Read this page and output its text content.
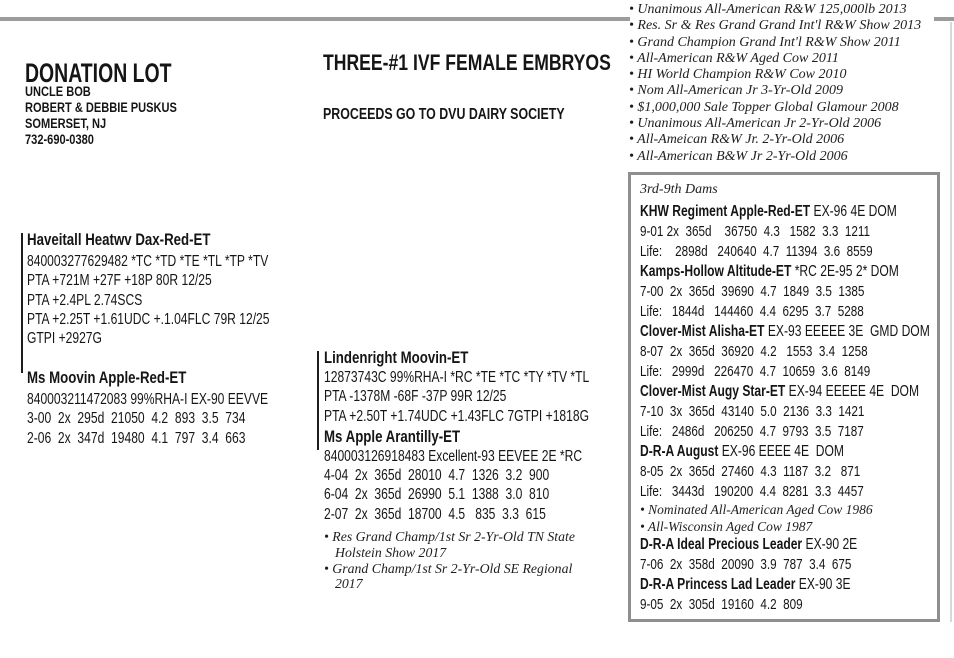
DONATION LOT
UNCLE BOB
ROBERT & DEBBIE PUSKUS
SOMERSET, NJ
732-690-0380
Haveitall Heatwv Dax-Red-ET
840003277629482 *TC *TD *TE *TL *TP *TV
PTA +721M +27F +18P 80R 12/25
PTA +2.4PL 2.74SCS
PTA +2.25T +1.61UDC +.1.04FLC 79R 12/25
GTPI +2927G
Ms Moovin Apple-Red-ET
840003211472083 99%RHA-I EX-90 EEVVE
3-00  2x  295d  21050  4.2  893  3.5  734
2-06  2x  347d  19480  4.1  797  3.4  663
THREE-#1 IVF FEMALE EMBRYOS
PROCEEDS GO TO DVU DAIRY SOCIETY
Lindenright Moovin-ET
12873743C 99%RHA-I *RC *TE *TC *TY *TV *TL
PTA -1378M -68F -37P 99R 12/25
PTA +2.50T +1.74UDC +1.43FLC 7GTPI +1818G
Ms Apple Arantilly-ET
840003126918483 Excellent-93 EEVEE 2E *RC
4-04  2x  365d  28010  4.7  1326  3.2  900
6-04  2x  365d  26990  5.1  1388  3.0  810
2-07  2x  365d  18700  4.5   835  3.3  615
• Res Grand Champ/1st Sr 2-Yr-Old TN State Holstein Show 2017
• Grand Champ/1st Sr 2-Yr-Old SE Regional 2017
• Unanimous All-American R&W 125,000lb 2013
• Res. Sr & Res Grand Grand Int'l R&W Show 2013
• Grand Champion Grand Int'l R&W Show 2011
• All-American R&W Aged Cow 2011
• HI World Champion R&W Cow 2010
• Nom All-American Jr 3-Yr-Old 2009
• $1,000,000 Sale Topper Global Glamour 2008
• Unanimous All-American Jr 2-Yr-Old 2006
• All-Ameican R&W Jr. 2-Yr-Old 2006
• All-American B&W Jr 2-Yr-Old 2006
3rd-9th Dams
KHW Regiment Apple-Red-ET EX-96 4E DOM
9-01 2x  365d    36750  4.3   1582  3.3  1211
Life:    2898d   240640  4.7  11394  3.6  8559
Kamps-Hollow Altitude-ET *RC 2E-95 2* DOM
7-00  2x  365d  39690  4.7  1849  3.5  1385
Life:   1844d   144460  4.4  6295  3.7  5288
Clover-Mist Alisha-ET EX-93 EEEEE 3E  GMD DOM
8-07  2x  365d  36920  4.2   1553  3.4  1258
Life:   2999d   226470  4.7  10659  3.6  8149
Clover-Mist Augy Star-ET EX-94 EEEEE 4E  DOM
7-10  3x  365d  43140  5.0  2136  3.3  1421
Life:   2486d   206250  4.7  9793  3.5  7187
D-R-A August EX-96 EEEE 4E  DOM
8-05  2x  365d  27460  4.3  1187  3.2   871
Life:   3443d   190200  4.4  8281  3.3  4457
• Nominated All-American Aged Cow 1986
• All-Wisconsin Aged Cow 1987
D-R-A Ideal Precious Leader EX-90 2E
7-06  2x  358d  20090  3.9  787  3.4  675
D-R-A Princess Lad Leader EX-90 3E
9-05  2x  305d  19160  4.2  809
